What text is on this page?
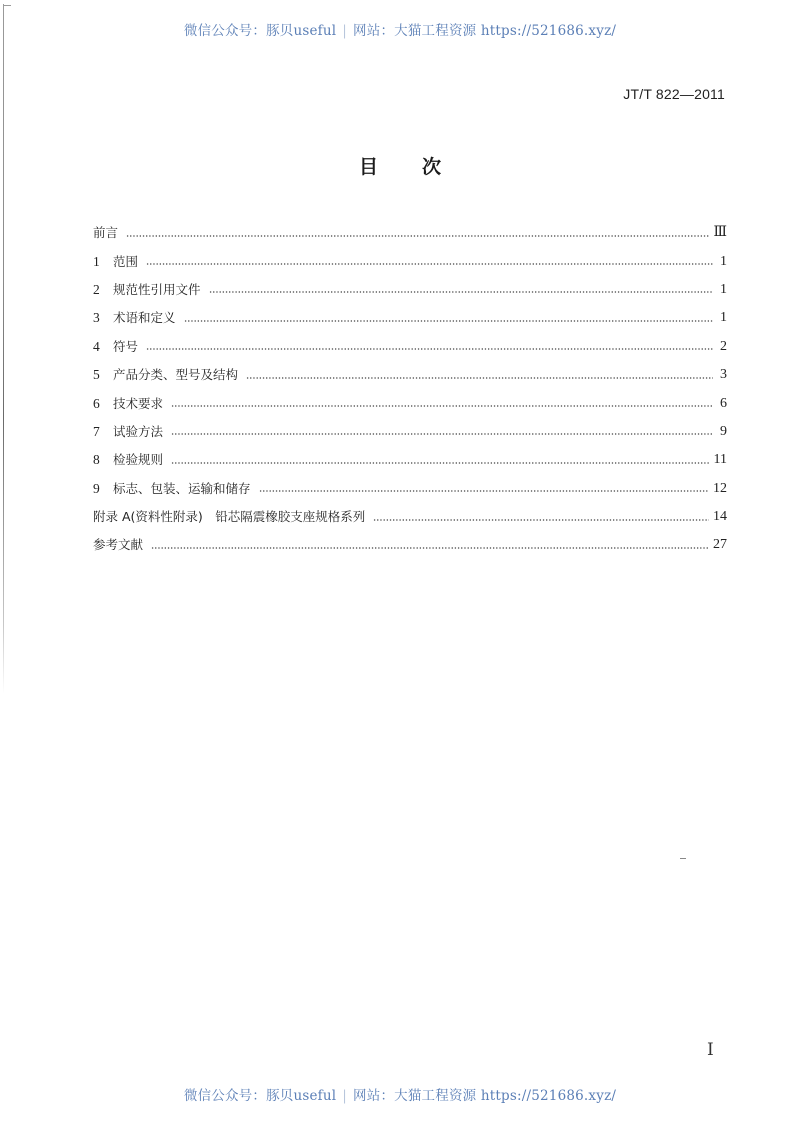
微信公众号：豚贝useful | 网站：大猫工程资源 https://521686.xyz/
JT/T 822—2011
目 次
前言	Ⅲ
1	范围	1
2	规范性引用文件	1
3	术语和定义	1
4	符号	2
5	产品分类、型号及结构	3
6	技术要求	6
7	试验方法	9
8	检验规则	11
9	标志、包装、运输和储存	12
附录 A(资料性附录)　铅芯隔震橡胶支座规格系列	14
参考文献	27
Ⅰ
微信公众号：豚贝useful | 网站：大猫工程资源 https://521686.xyz/
